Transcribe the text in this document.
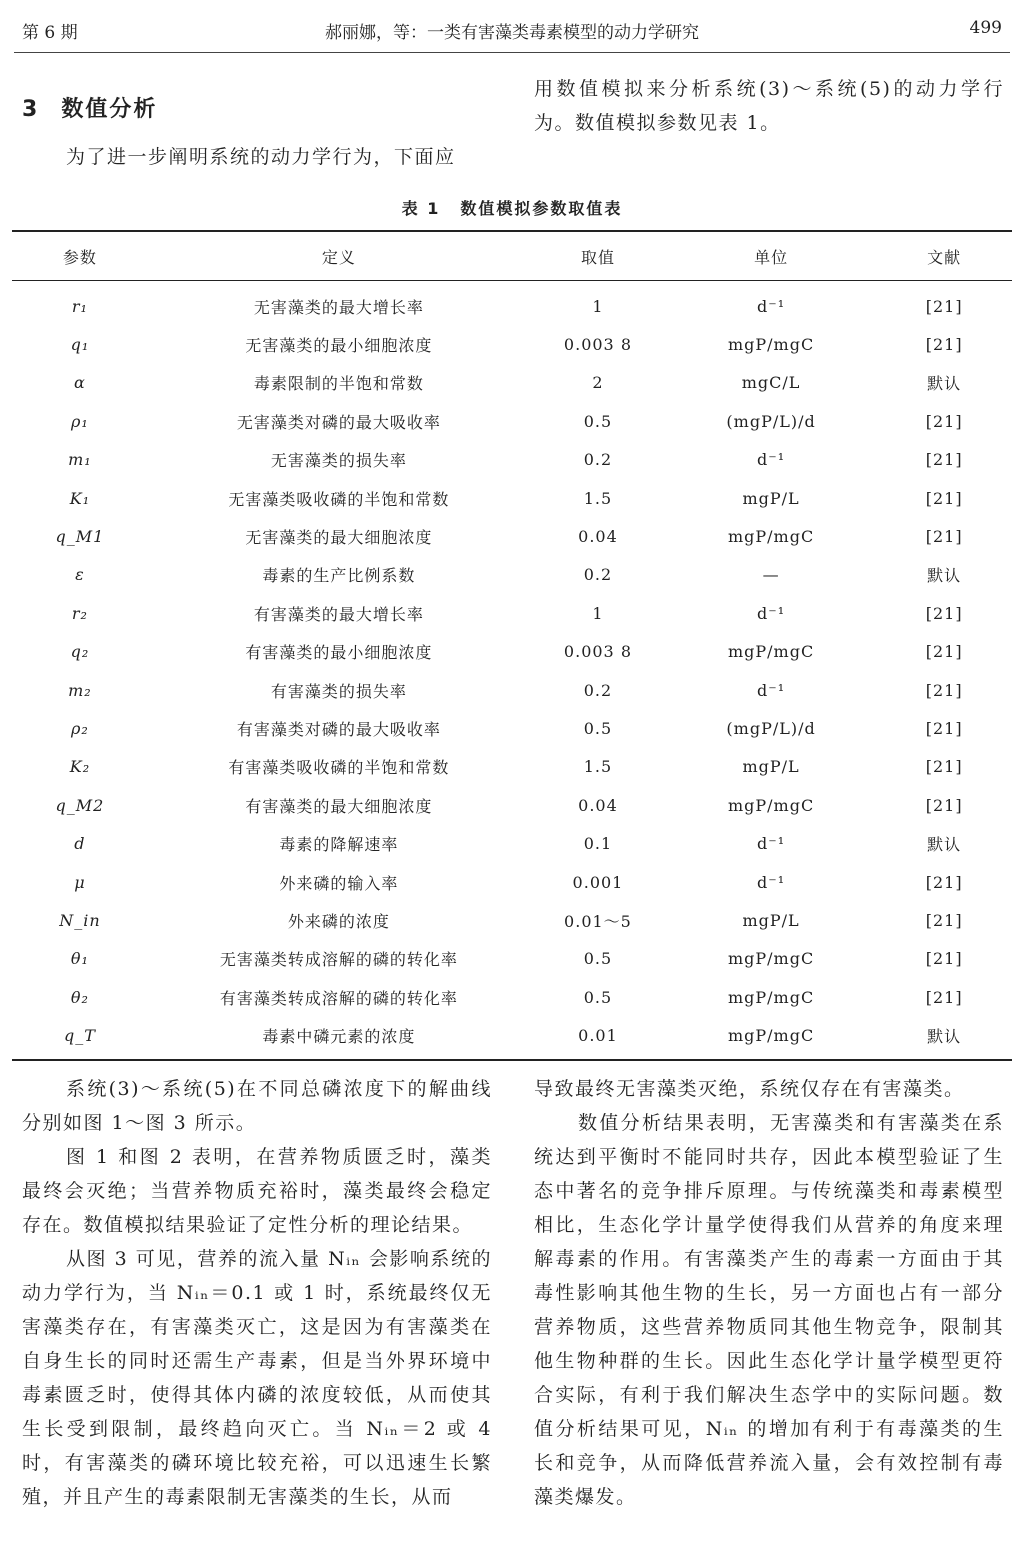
第 6 期	郝丽娜，等：一类有害藻类毒素模型的动力学研究	499
3 数值分析

为了进一步阐明系统的动力学行为，下面应

用数值模拟来分析系统(3)～系统(5)的动力学行为。数值模拟参数见表 1。

表 1 数值模拟参数取值表
参数	定义	取值	单位	文献
r₁	无害藻类的最大增长率	1	d⁻¹	[21]
q₁	无害藻类的最小细胞浓度	0.003 8	mgP/mgC	[21]
α	毒素限制的半饱和常数	2	mgC/L	默认
ρ₁	无害藻类对磷的最大吸收率	0.5	(mgP/L)/d	[21]
m₁	无害藻类的损失率	0.2	d⁻¹	[21]
K₁	无害藻类吸收磷的半饱和常数	1.5	mgP/L	[21]
q_M1	无害藻类的最大细胞浓度	0.04	mgP/mgC	[21]
ε	毒素的生产比例系数	0.2	—	默认
r₂	有害藻类的最大增长率	1	d⁻¹	[21]
q₂	有害藻类的最小细胞浓度	0.003 8	mgP/mgC	[21]
m₂	有害藻类的损失率	0.2	d⁻¹	[21]
ρ₂	有害藻类对磷的最大吸收率	0.5	(mgP/L)/d	[21]
K₂	有害藻类吸收磷的半饱和常数	1.5	mgP/L	[21]
q_M2	有害藻类的最大细胞浓度	0.04	mgP/mgC	[21]
d	毒素的降解速率	0.1	d⁻¹	默认
μ	外来磷的输入率	0.001	d⁻¹	[21]
N_in	外来磷的浓度	0.01～5	mgP/L	[21]
θ₁	无害藻类转成溶解的磷的转化率	0.5	mgP/mgC	[21]
θ₂	有害藻类转成溶解的磷的转化率	0.5	mgP/mgC	[21]
q_T	毒素中磷元素的浓度	0.01	mgP/mgC	默认

系统(3)～系统(5)在不同总磷浓度下的解曲线分别如图 1～图 3 所示。

图 1 和图 2 表明，在营养物质匮乏时，藻类最终会灭绝；当营养物质充裕时，藻类最终会稳定存在。数值模拟结果验证了定性分析的理论结果。

从图 3 可见，营养的流入量 Nᵢₙ 会影响系统的动力学行为，当 Nᵢₙ＝0.1 或 1 时，系统最终仅无害藻类存在，有害藻类灭亡，这是因为有害藻类在自身生长的同时还需生产毒素，但是当外界环境中毒素匮乏时，使得其体内磷的浓度较低，从而使其生长受到限制，最终趋向灭亡。当 Nᵢₙ＝2 或 4 时，有害藻类的磷环境比较充裕，可以迅速生长繁殖，并且产生的毒素限制无害藻类的生长，从而

导致最终无害藻类灭绝，系统仅存在有害藻类。

数值分析结果表明，无害藻类和有害藻类在系统达到平衡时不能同时共存，因此本模型验证了生态中著名的竞争排斥原理。与传统藻类和毒素模型相比，生态化学计量学使得我们从营养的角度来理解毒素的作用。有害藻类产生的毒素一方面由于其毒性影响其他生物的生长，另一方面也占有一部分营养物质，这些营养物质同其他生物竞争，限制其他生物种群的生长。因此生态化学计量学模型更符合实际，有利于我们解决生态学中的实际问题。数值分析结果可见，Nᵢₙ 的增加有利于有毒藻类的生长和竞争，从而降低营养流入量，会有效控制有毒藻类爆发。
